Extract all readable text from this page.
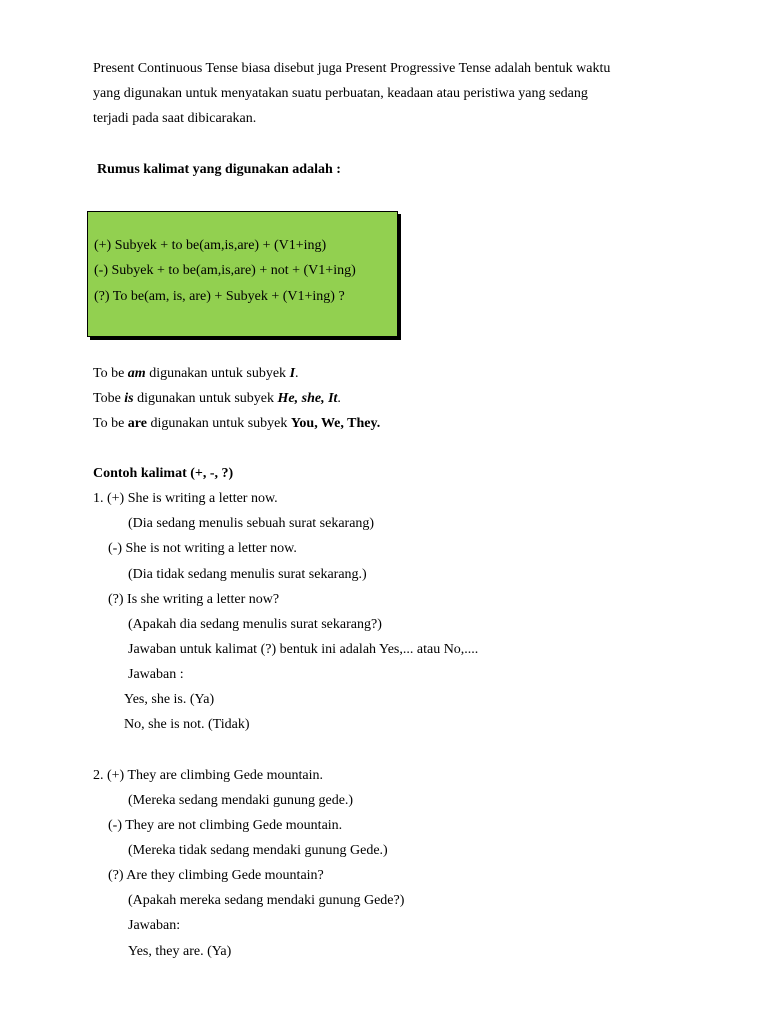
Present Continuous Tense biasa disebut juga Present Progressive Tense adalah bentuk waktu
yang digunakan untuk menyatakan suatu perbuatan, keadaan atau peristiwa yang sedang
terjadi pada saat dibicarakan.
Rumus kalimat yang digunakan adalah :
(+) Subyek + to be(am,is,are) + (V1+ing)
(-) Subyek + to be(am,is,are) + not + (V1+ing)
(?) To be(am, is, are) + Subyek + (V1+ing) ?
To be am digunakan untuk subyek I.
Tobe is digunakan untuk subyek He, she, It.
To be are digunakan untuk subyek You, We, They.
Contoh kalimat (+, -, ?)
1. (+) She is writing a letter now.
(Dia sedang menulis sebuah surat sekarang)
(-) She is not writing a letter now.
(Dia tidak sedang menulis surat sekarang.)
(?) Is she writing a letter now?
(Apakah dia sedang menulis surat sekarang?)
Jawaban untuk kalimat (?) bentuk ini adalah Yes,... atau No,....
Jawaban :
Yes, she is. (Ya)
No, she is not. (Tidak)
2. (+) They are climbing Gede mountain.
(Mereka sedang mendaki gunung gede.)
(-) They are not climbing Gede mountain.
(Mereka tidak sedang mendaki gunung Gede.)
(?) Are they climbing Gede mountain?
(Apakah mereka sedang mendaki gunung Gede?)
Jawaban:
Yes, they are. (Ya)
